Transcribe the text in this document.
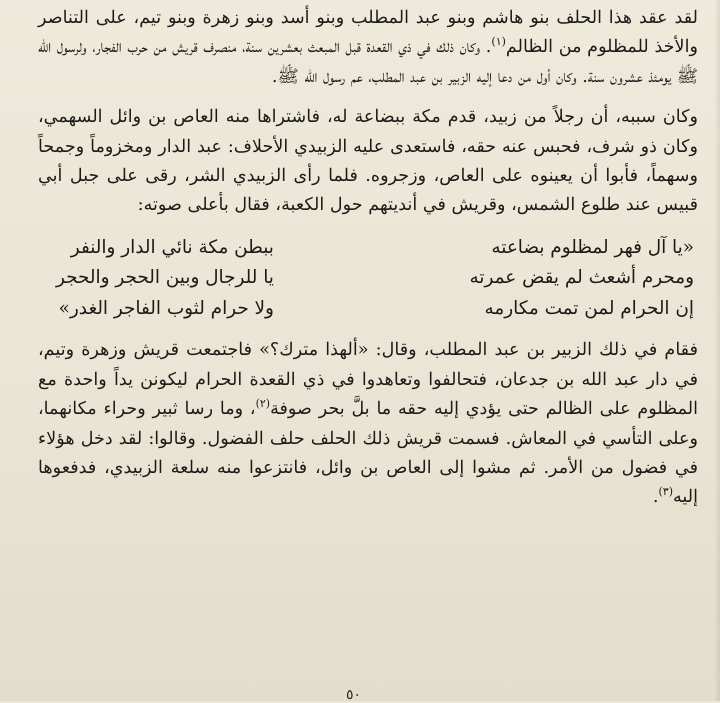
لقد عقد هذا الحلف بنو هاشم وبنو عبد المطلب وبنو أسد وبنو زهرة وبنو تيم، على التناصر والأخذ للمظلوم من الظالم$^{(١)}$. وكان ذلك في ذي القعدة قبل المبعث بعشرين سنة، منصرف قريش من حرب الفجار، ولرسول الله ﷺ يومئذ عشرون سنة. وكان أول من دعا إليه الزبير بن عبد المطلب، عم رسول الله ﷺ.

وكان سببه، أن رجلاً من زبيد، قدم مكة ببضاعة له، فاشتراها منه العاص بن وائل السهمي، وكان ذو شرف، فحبس عنه حقه، فاستعدى عليه الزبيدي الأحلاف: عبد الدار ومخزوماً وجمحاً وسهماً، فأبوا أن يعينوه على العاص، وزجروه. فلما رأى الزبيدي الشر، رقى على جبل أبي قبيس عند طلوع الشمس، وقريش في أنديتهم حول الكعبة، فقال بأعلى صوته:

«يا آل فهر لمظلوم بضاعته
ومحرم أشعث لم يقض عمرته
إن الحرام لمن تمت مكارمه
ببطن مكة نائي الدار والنفر
يا للرجال وبين الحجر والحجر
ولا حرام لثوب الفاجر الغدر»

فقام في ذلك الزبير بن عبد المطلب، وقال: «ألهذا مترك؟» فاجتمعت قريش وزهرة وتيم، في دار عبد الله بن جدعان، فتحالفوا وتعاهدوا في ذي القعدة الحرام ليكونن يداً واحدة مع المظلوم على الظالم حتى يؤدي إليه حقه ما بلَّ بحر صوفة$^{(٢)}$، وما رسا ثبير وحراء مكانهما، وعلى التأسي في المعاش. فسمت قريش ذلك الحلف حلف الفضول. وقالوا: لقد دخل هؤلاء في فضول من الأمر. ثم مشوا إلى العاص بن وائل، فانتزعوا منه سلعة الزبيدي، فدفعوها إليه$^{(٣)}$.

٥٠
